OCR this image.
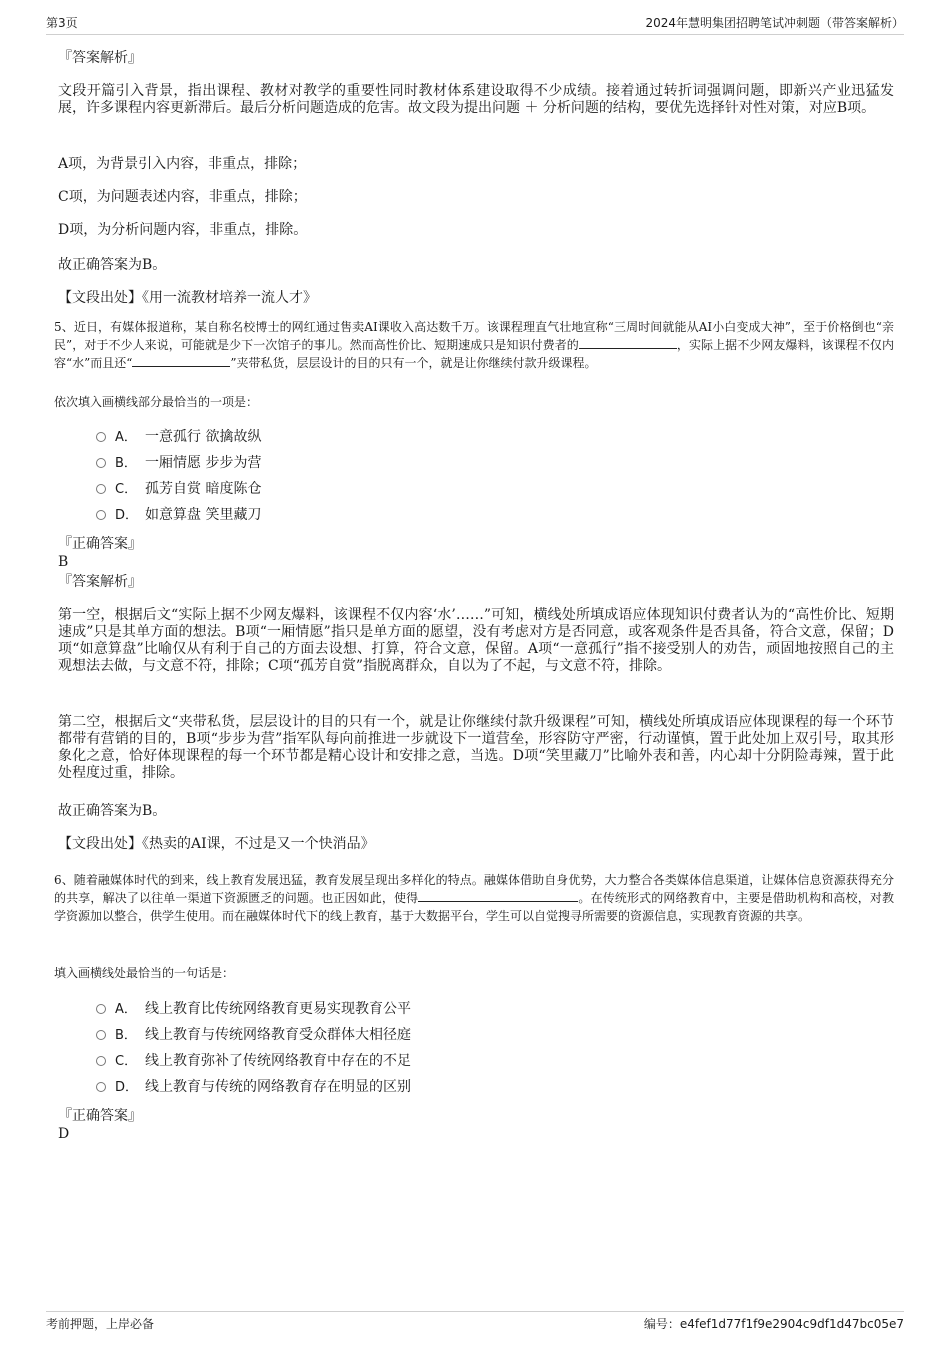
第3页	2024年慧明集团招聘笔试冲刺题（带答案解析）
『答案解析』

文段开篇引入背景，指出课程、教材对教学的重要性同时教材体系建设取得不少成绩。接着通过转折词强调问题，即新兴产业迅猛发展，许多课程内容更新滞后。最后分析问题造成的危害。故文段为提出问题 ＋ 分析问题的结构，要优先选择针对性对策，对应B项。

A项，为背景引入内容，非重点，排除；
C项，为问题表述内容，非重点，排除；
D项，为分析问题内容，非重点，排除。
故正确答案为B。
【文段出处】《用一流教材培养一流人才》

5、近日，有媒体报道称，某自称名校博士的网红通过售卖AI课收入高达数千万。该课程理直气壮地宣称“三周时间就能从AI小白变成大神”，至于价格倒也“亲民”，对于不少人来说，可能就是少下一次馆子的事儿。然而高性价比、短期速成只是知识付费者的	，实际上据不少网友爆料，该课程不仅内容“水”而且还“	”夹带私货，层层设计的目的只有一个，就是让你继续付款升级课程。

依次填入画横线部分最恰当的一项是：
A． 一意孤行 欲擒故纵
B． 一厢情愿 步步为营
C． 孤芳自赏 暗度陈仓
D． 如意算盘 笑里藏刀
『正确答案』
B
『答案解析』

第一空，根据后文“实际上据不少网友爆料，该课程不仅内容‘水’……”可知，横线处所填成语应体现知识付费者认为的“高性价比、短期速成”只是其单方面的想法。B项“一厢情愿”指只是单方面的愿望，没有考虑对方是否同意，或客观条件是否具备，符合文意，保留；D项“如意算盘”比喻仅从有利于自己的方面去设想、打算，符合文意，保留。A项“一意孤行”指不接受别人的劝告，顽固地按照自己的主观想法去做，与文意不符，排除；C项“孤芳自赏”指脱离群众，自以为了不起，与文意不符，排除。

第二空，根据后文“夹带私货，层层设计的目的只有一个，就是让你继续付款升级课程”可知，横线处所填成语应体现课程的每一个环节都带有营销的目的，B项“步步为营”指军队每向前推进一步就设下一道营垒，形容防守严密，行动谨慎，置于此处加上双引号，取其形象化之意，恰好体现课程的每一个环节都是精心设计和安排之意，当选。D项“笑里藏刀”比喻外表和善，内心却十分阴险毒辣，置于此处程度过重，排除。

故正确答案为B。
【文段出处】《热卖的AI课，不过是又一个快消品》

6、随着融媒体时代的到来，线上教育发展迅猛，教育发展呈现出多样化的特点。融媒体借助自身优势，大力整合各类媒体信息渠道，让媒体信息资源获得充分的共享，解决了以往单一渠道下资源匮乏的问题。也正因如此，使得	。在传统形式的网络教育中，主要是借助机构和高校，对教学资源加以整合，供学生使用。而在融媒体时代下的线上教育，基于大数据平台，学生可以自觉搜寻所需要的资源信息，实现教育资源的共享。

填入画横线处最恰当的一句话是：
A． 线上教育比传统网络教育更易实现教育公平
B． 线上教育与传统网络教育受众群体大相径庭
C． 线上教育弥补了传统网络教育中存在的不足
D． 线上教育与传统的网络教育存在明显的区别
『正确答案』
D
考前押题，上岸必备	编号：e4fef1d77f1f9e2904c9df1d47bc05e7
